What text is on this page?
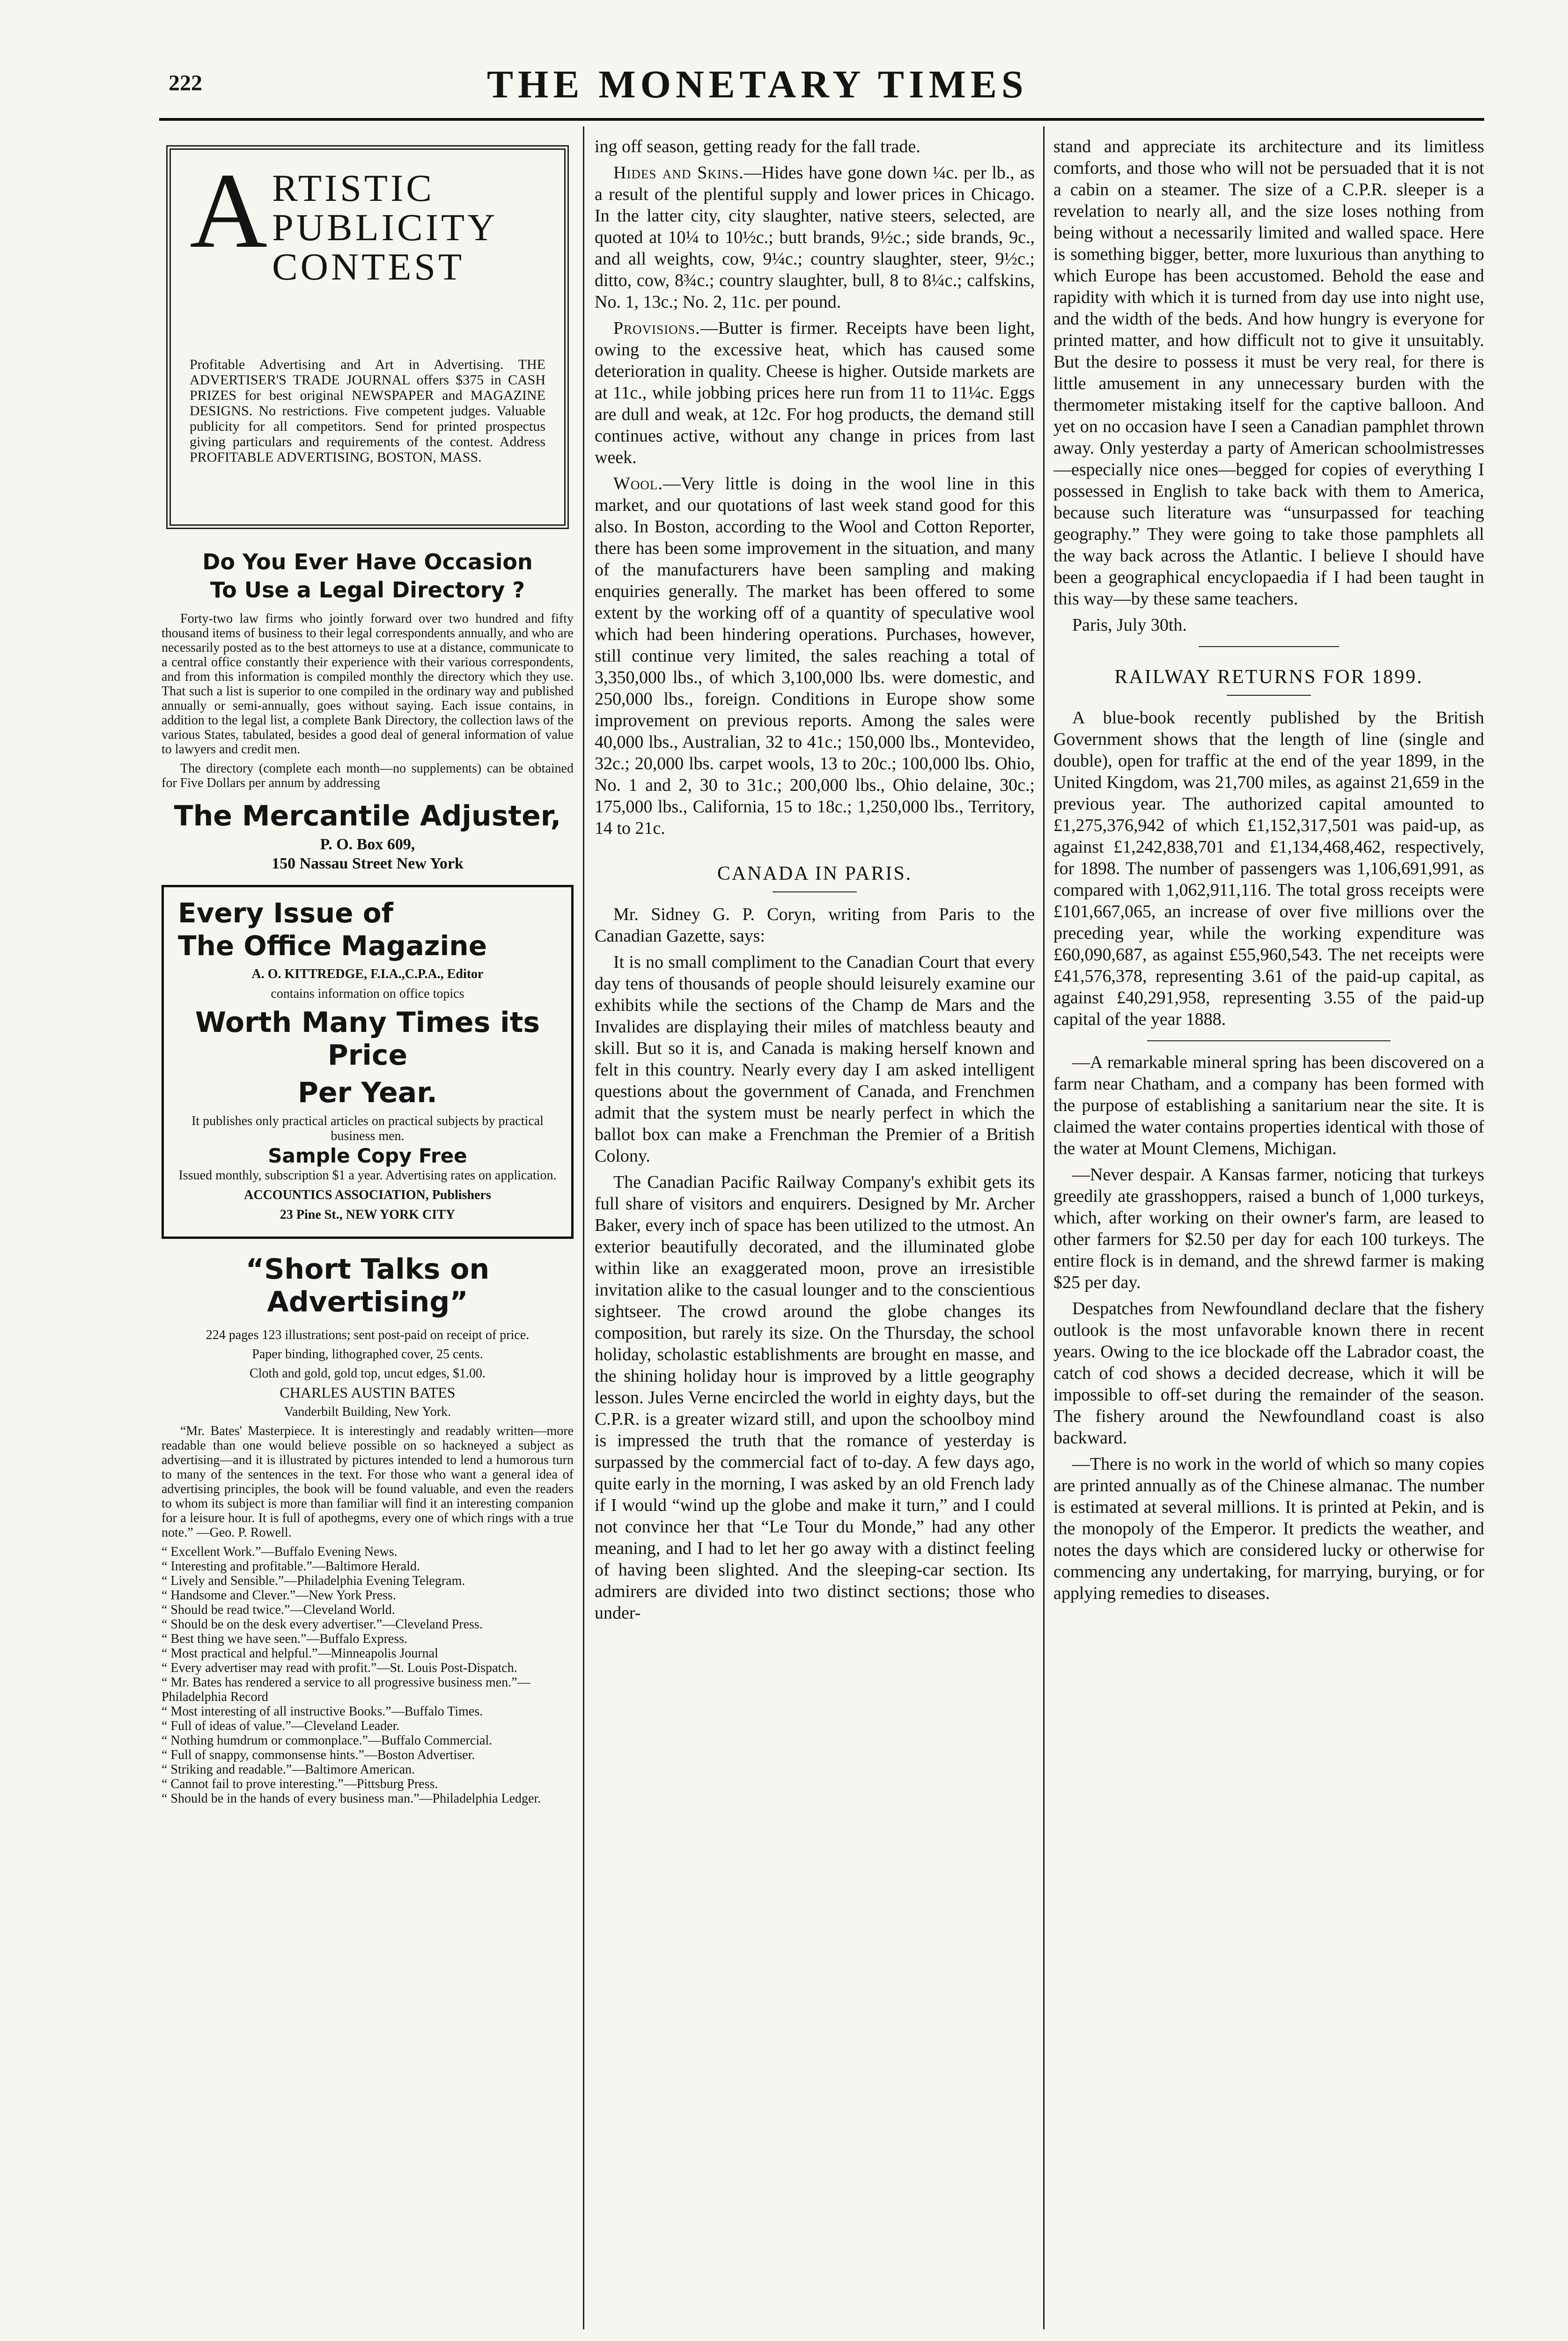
222	THE MONETARY TIMES
A RTISTIC
PUBLICITY
CONTEST

Profitable Advertising and Art in Advertising. THE ADVERTISER'S TRADE JOURNAL offers $375 in CASH PRIZES for best original NEWSPAPER and MAGAZINE DESIGNS. No restrictions. Five competent judges. Valuable publicity for all competitors. Send for printed prospectus giving particulars and requirements of the contest. Address PROFITABLE ADVERTISING, BOSTON, MASS.

Do You Ever Have Occasion
To Use a Legal Directory ?

Forty-two law firms who jointly forward over two hundred and fifty thousand items of business to their legal correspondents annually, and who are necessarily posted as to the best attorneys to use at a distance, communicate to a central office constantly their experience with their various correspondents, and from this information is compiled monthly the directory which they use. That such a list is superior to one compiled in the ordinary way and published annually or semi-annually, goes without saying. Each issue contains, in addition to the legal list, a complete Bank Directory, the collection laws of the various States, tabulated, besides a good deal of general information of value to lawyers and credit men.

The directory (complete each month—no supplements) can be obtained for Five Dollars per annum by addressing

The Mercantile Adjuster,

P. O. Box 609,

150 Nassau Street New York

Every Issue of
The Office Magazine

A. O. KITTREDGE, F.I.A.,C.P.A., Editor

contains information on office topics

Worth Many Times its Price

Per Year.

It publishes only practical articles on practical subjects by practical business men.

Sample Copy Free

Issued monthly, subscription $1 a year. Advertising rates on application.

ACCOUNTICS ASSOCIATION, Publishers

23 Pine St., NEW YORK CITY

“Short Talks on Advertising”

224 pages 123 illustrations; sent post-paid on receipt of price.

Paper binding, lithographed cover, 25 cents.

Cloth and gold, gold top, uncut edges, $1.00.

CHARLES AUSTIN BATES

Vanderbilt Building, New York.

“Mr. Bates' Masterpiece. It is interestingly and readably written—more readable than one would believe possible on so hackneyed a subject as advertising—and it is illustrated by pictures intended to lend a humorous turn to many of the sentences in the text. For those who want a general idea of advertising principles, the book will be found valuable, and even the readers to whom its subject is more than familiar will find it an interesting companion for a leisure hour. It is full of apothegms, every one of which rings with a true note.” —Geo. P. Rowell.

“ Excellent Work.”—Buffalo Evening News.

“ Interesting and profitable.”—Baltimore Herald.

“ Lively and Sensible.”—Philadelphia Evening Telegram.

“ Handsome and Clever.”—New York Press.

“ Should be read twice.”—Cleveland World.

“ Should be on the desk every advertiser.”—Cleveland Press.

“ Best thing we have seen.”—Buffalo Express.

“ Most practical and helpful.”—Minneapolis Journal

“ Every advertiser may read with profit.”—St. Louis Post-Dispatch.

“ Mr. Bates has rendered a service to all progressive business men.”—Philadelphia Record

“ Most interesting of all instructive Books.”—Buffalo Times.

“ Full of ideas of value.”—Cleveland Leader.

“ Nothing humdrum or commonplace.”—Buffalo Commercial.

“ Full of snappy, commonsense hints.”—Boston Advertiser.

“ Striking and readable.”—Baltimore American.

“ Cannot fail to prove interesting.”—Pittsburg Press.

“ Should be in the hands of every business man.”—Philadelphia Ledger.

ing off season, getting ready for the fall trade.

Hides and Skins.—Hides have gone down ¼c. per lb., as a result of the plentiful supply and lower prices in Chicago. In the latter city, city slaughter, native steers, selected, are quoted at 10¼ to 10½c.; butt brands, 9½c.; side brands, 9c., and all weights, cow, 9¼c.; country slaughter, steer, 9½c.; ditto, cow, 8¾c.; country slaughter, bull, 8 to 8¼c.; calfskins, No. 1, 13c.; No. 2, 11c. per pound.

Provisions.—Butter is firmer. Receipts have been light, owing to the excessive heat, which has caused some deterioration in quality. Cheese is higher. Outside markets are at 11c., while jobbing prices here run from 11 to 11¼c. Eggs are dull and weak, at 12c. For hog products, the demand still continues active, without any change in prices from last week.

Wool.—Very little is doing in the wool line in this market, and our quotations of last week stand good for this also. In Boston, according to the Wool and Cotton Reporter, there has been some improvement in the situation, and many of the manufacturers have been sampling and making enquiries generally. The market has been offered to some extent by the working off of a quantity of speculative wool which had been hindering operations. Purchases, however, still continue very limited, the sales reaching a total of 3,350,000 lbs., of which 3,100,000 lbs. were domestic, and 250,000 lbs., foreign. Conditions in Europe show some improvement on previous reports. Among the sales were 40,000 lbs., Australian, 32 to 41c.; 150,000 lbs., Montevideo, 32c.; 20,000 lbs. carpet wools, 13 to 20c.; 100,000 lbs. Ohio, No. 1 and 2, 30 to 31c.; 200,000 lbs., Ohio delaine, 30c.; 175,000 lbs., California, 15 to 18c.; 1,250,000 lbs., Territory, 14 to 21c.

CANADA IN PARIS.

Mr. Sidney G. P. Coryn, writing from Paris to the Canadian Gazette, says:

It is no small compliment to the Canadian Court that every day tens of thousands of people should leisurely examine our exhibits while the sections of the Champ de Mars and the Invalides are displaying their miles of matchless beauty and skill. But so it is, and Canada is making herself known and felt in this country. Nearly every day I am asked intelligent questions about the government of Canada, and Frenchmen admit that the system must be nearly perfect in which the ballot box can make a Frenchman the Premier of a British Colony.

The Canadian Pacific Railway Company's exhibit gets its full share of visitors and enquirers. Designed by Mr. Archer Baker, every inch of space has been utilized to the utmost. An exterior beautifully decorated, and the illuminated globe within like an exaggerated moon, prove an irresistible invitation alike to the casual lounger and to the conscientious sightseer. The crowd around the globe changes its composition, but rarely its size. On the Thursday, the school holiday, scholastic establishments are brought en masse, and the shining holiday hour is improved by a little geography lesson. Jules Verne encircled the world in eighty days, but the C.P.R. is a greater wizard still, and upon the schoolboy mind is impressed the truth that the romance of yesterday is surpassed by the commercial fact of to-day. A few days ago, quite early in the morning, I was asked by an old French lady if I would “wind up the globe and make it turn,” and I could not convince her that “Le Tour du Monde,” had any other meaning, and I had to let her go away with a distinct feeling of having been slighted. And the sleeping-car section. Its admirers are divided into two distinct sections; those who under-

stand and appreciate its architecture and its limitless comforts, and those who will not be persuaded that it is not a cabin on a steamer. The size of a C.P.R. sleeper is a revelation to nearly all, and the size loses nothing from being without a necessarily limited and walled space. Here is something bigger, better, more luxurious than anything to which Europe has been accustomed. Behold the ease and rapidity with which it is turned from day use into night use, and the width of the beds. And how hungry is everyone for printed matter, and how difficult not to give it unsuitably. But the desire to possess it must be very real, for there is little amusement in any unnecessary burden with the thermometer mistaking itself for the captive balloon. And yet on no occasion have I seen a Canadian pamphlet thrown away. Only yesterday a party of American schoolmistresses—especially nice ones—begged for copies of everything I possessed in English to take back with them to America, because such literature was “unsurpassed for teaching geography.” They were going to take those pamphlets all the way back across the Atlantic. I believe I should have been a geographical encyclopaedia if I had been taught in this way—by these same teachers.

Paris, July 30th.

RAILWAY RETURNS FOR 1899.

A blue-book recently published by the British Government shows that the length of line (single and double), open for traffic at the end of the year 1899, in the United Kingdom, was 21,700 miles, as against 21,659 in the previous year. The authorized capital amounted to £1,275,376,942 of which £1,152,317,501 was paid-up, as against £1,242,838,701 and £1,134,468,462, respectively, for 1898. The number of passengers was 1,106,691,991, as compared with 1,062,911,116. The total gross receipts were £101,667,065, an increase of over five millions over the preceding year, while the working expenditure was £60,090,687, as against £55,960,543. The net receipts were £41,576,378, representing 3.61 of the paid-up capital, as against £40,291,958, representing 3.55 of the paid-up capital of the year 1888.

—A remarkable mineral spring has been discovered on a farm near Chatham, and a company has been formed with the purpose of establishing a sanitarium near the site. It is claimed the water contains properties identical with those of the water at Mount Clemens, Michigan.

—Never despair. A Kansas farmer, noticing that turkeys greedily ate grasshoppers, raised a bunch of 1,000 turkeys, which, after working on their owner's farm, are leased to other farmers for $2.50 per day for each 100 turkeys. The entire flock is in demand, and the shrewd farmer is making $25 per day.

Despatches from Newfoundland declare that the fishery outlook is the most unfavorable known there in recent years. Owing to the ice blockade off the Labrador coast, the catch of cod shows a decided decrease, which it will be impossible to off-set during the remainder of the season. The fishery around the Newfoundland coast is also backward.

—There is no work in the world of which so many copies are printed annually as of the Chinese almanac. The number is estimated at several millions. It is printed at Pekin, and is the monopoly of the Emperor. It predicts the weather, and notes the days which are considered lucky or otherwise for commencing any undertaking, for marrying, burying, or for applying remedies to diseases.
